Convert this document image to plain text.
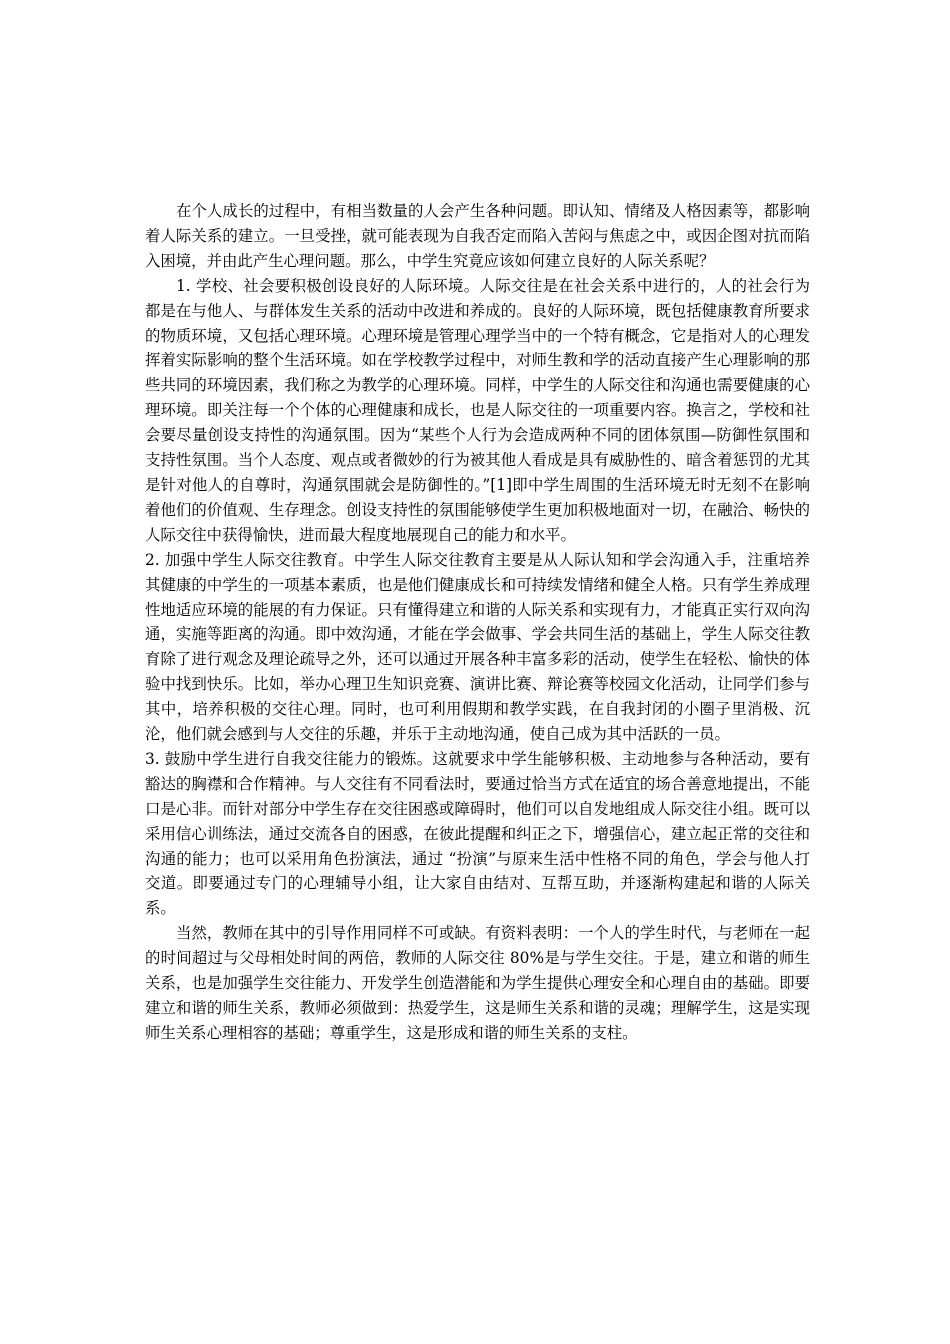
在个人成长的过程中，有相当数量的人会产生各种问题。即认知、情绪及人格因素等，都影响着人际关系的建立。一旦受挫，就可能表现为自我否定而陷入苦闷与焦虑之中，或因企图对抗而陷入困境，并由此产生心理问题。那么，中学生究竟应该如何建立良好的人际关系呢？

1. 学校、社会要积极创设良好的人际环境。人际交往是在社会关系中进行的，人的社会行为都是在与他人、与群体发生关系的活动中改进和养成的。良好的人际环境，既包括健康教育所要求的物质环境，又包括心理环境。心理环境是管理心理学当中的一个特有概念，它是指对人的心理发挥着实际影响的整个生活环境。如在学校教学过程中，对师生教和学的活动直接产生心理影响的那些共同的环境因素，我们称之为教学的心理环境。同样，中学生的人际交往和沟通也需要健康的心理环境。即关注每一个个体的心理健康和成长，也是人际交往的一项重要内容。换言之，学校和社会要尽量创设支持性的沟通氛围。因为“某些个人行为会造成两种不同的团体氛围—防御性氛围和支持性氛围。当个人态度、观点或者微妙的行为被其他人看成是具有威胁性的、暗含着惩罚的尤其是针对他人的自尊时，沟通氛围就会是防御性的。”[1]即中学生周围的生活环境无时无刻不在影响着他们的价值观、生存理念。创设支持性的氛围能够使学生更加积极地面对一切，在融洽、畅快的人际交往中获得愉快，进而最大程度地展现自己的能力和水平。

2. 加强中学生人际交往教育。中学生人际交往教育主要是从人际认知和学会沟通入手，注重培养其健康的中学生的一项基本素质，也是他们健康成长和可持续发情绪和健全人格。只有学生养成理性地适应环境的能展的有力保证。只有懂得建立和谐的人际关系和实现有力，才能真正实行双向沟通，实施等距离的沟通。即中效沟通，才能在学会做事、学会共同生活的基础上，学生人际交往教育除了进行观念及理论疏导之外，还可以通过开展各种丰富多彩的活动，使学生在轻松、愉快的体验中找到快乐。比如，举办心理卫生知识竞赛、演讲比赛、辩论赛等校园文化活动，让同学们参与其中，培养积极的交往心理。同时，也可利用假期和教学实践，在自我封闭的小圈子里消极、沉沦，他们就会感到与人交往的乐趣，并乐于主动地沟通，使自己成为其中活跃的一员。

3. 鼓励中学生进行自我交往能力的锻炼。这就要求中学生能够积极、主动地参与各种活动，要有豁达的胸襟和合作精神。与人交往有不同看法时，要通过恰当方式在适宜的场合善意地提出，不能口是心非。而针对部分中学生存在交往困惑或障碍时，他们可以自发地组成人际交往小组。既可以采用信心训练法，通过交流各自的困惑，在彼此提醒和纠正之下，增强信心，建立起正常的交往和沟通的能力；也可以采用角色扮演法，通过 “扮演”与原来生活中性格不同的角色，学会与他人打交道。即要通过专门的心理辅导小组，让大家自由结对、互帮互助，并逐渐构建起和谐的人际关系。

当然，教师在其中的引导作用同样不可或缺。有资料表明：一个人的学生时代，与老师在一起的时间超过与父母相处时间的两倍，教师的人际交往 80%是与学生交往。于是，建立和谐的师生关系，也是加强学生交往能力、开发学生创造潜能和为学生提供心理安全和心理自由的基础。即要建立和谐的师生关系，教师必须做到：热爱学生，这是师生关系和谐的灵魂；理解学生，这是实现师生关系心理相容的基础；尊重学生，这是形成和谐的师生关系的支柱。
